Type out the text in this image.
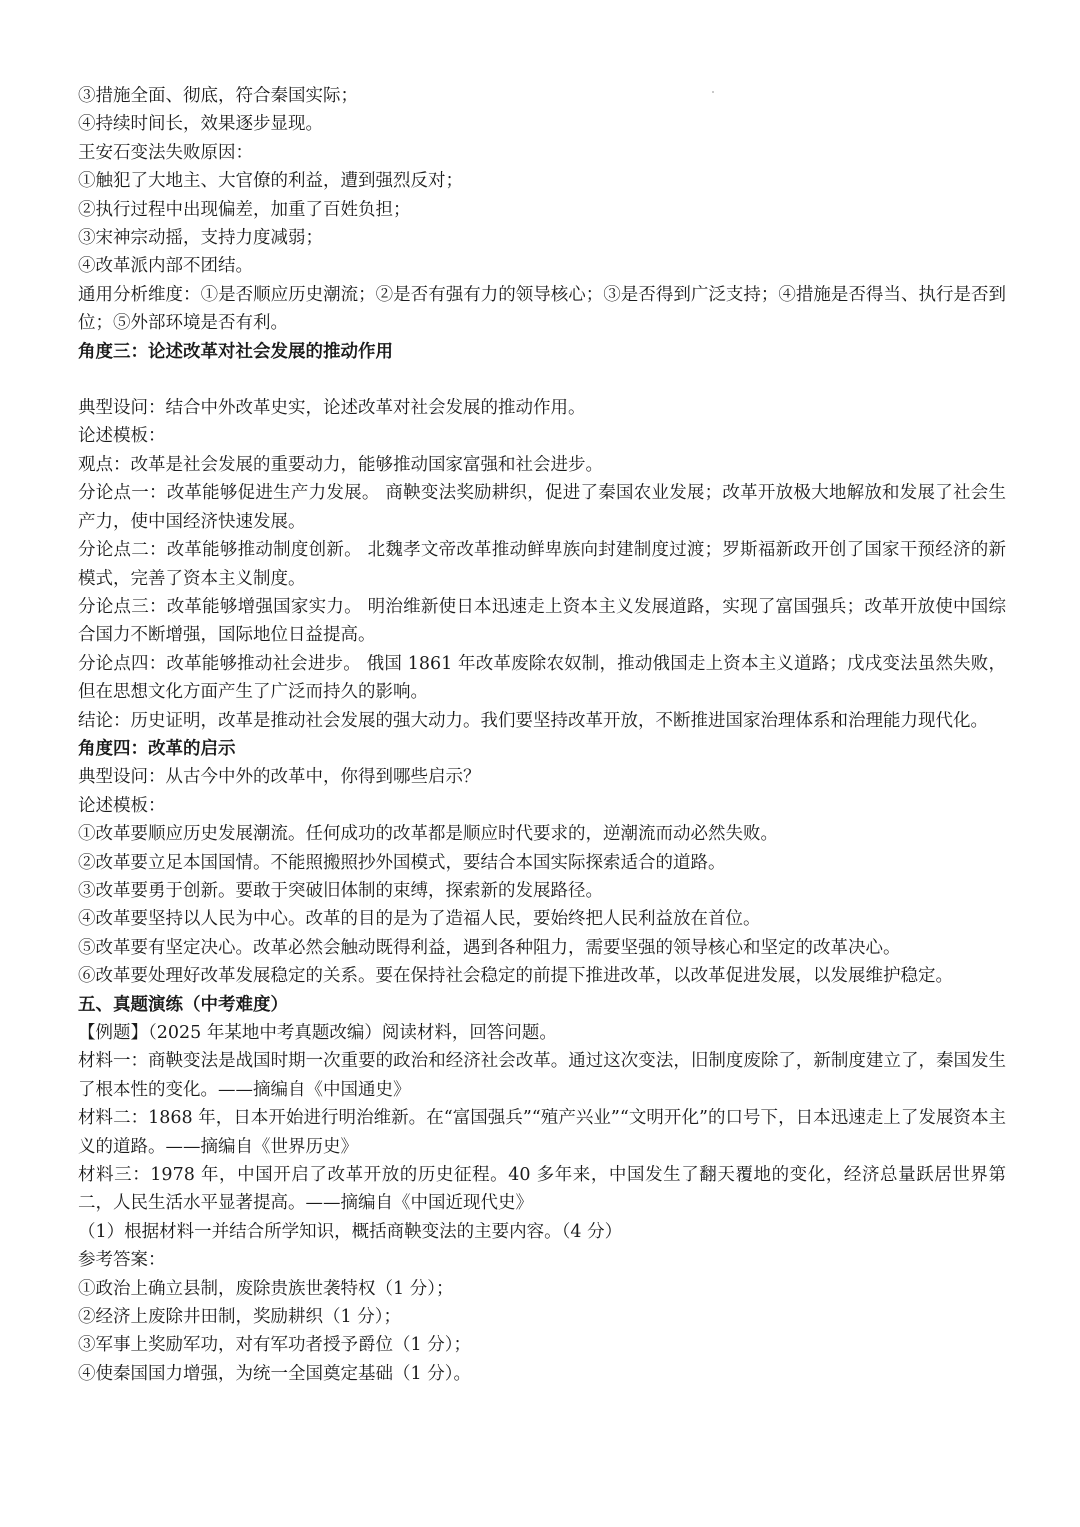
③措施全面、彻底，符合秦国实际；

④持续时间长，效果逐步显现。

王安石变法失败原因：

①触犯了大地主、大官僚的利益，遭到强烈反对；

②执行过程中出现偏差，加重了百姓负担；

③宋神宗动摇，支持力度减弱；

④改革派内部不团结。

通用分析维度：①是否顺应历史潮流；②是否有强有力的领导核心；③是否得到广泛支持；④措施是否得当、执行是否到位；⑤外部环境是否有利。

角度三：论述改革对社会发展的推动作用

典型设问：结合中外改革史实，论述改革对社会发展的推动作用。

论述模板：

观点：改革是社会发展的重要动力，能够推动国家富强和社会进步。

分论点一：改革能够促进生产力发展。 商鞅变法奖励耕织，促进了秦国农业发展；改革开放极大地解放和发展了社会生产力，使中国经济快速发展。

分论点二：改革能够推动制度创新。 北魏孝文帝改革推动鲜卑族向封建制度过渡；罗斯福新政开创了国家干预经济的新模式，完善了资本主义制度。

分论点三：改革能够增强国家实力。 明治维新使日本迅速走上资本主义发展道路，实现了富国强兵；改革开放使中国综合国力不断增强，国际地位日益提高。

分论点四：改革能够推动社会进步。 俄国 1861 年改革废除农奴制，推动俄国走上资本主义道路；戊戌变法虽然失败，但在思想文化方面产生了广泛而持久的影响。

结论：历史证明，改革是推动社会发展的强大动力。我们要坚持改革开放，不断推进国家治理体系和治理能力现代化。

角度四：改革的启示

典型设问：从古今中外的改革中，你得到哪些启示？

论述模板：

①改革要顺应历史发展潮流。任何成功的改革都是顺应时代要求的，逆潮流而动必然失败。

②改革要立足本国国情。不能照搬照抄外国模式，要结合本国实际探索适合的道路。

③改革要勇于创新。要敢于突破旧体制的束缚，探索新的发展路径。

④改革要坚持以人民为中心。改革的目的是为了造福人民，要始终把人民利益放在首位。

⑤改革要有坚定决心。改革必然会触动既得利益，遇到各种阻力，需要坚强的领导核心和坚定的改革决心。

⑥改革要处理好改革发展稳定的关系。要在保持社会稳定的前提下推进改革，以改革促进发展，以发展维护稳定。

五、真题演练（中考难度）

【例题】（2025 年某地中考真题改编）阅读材料，回答问题。

材料一：商鞅变法是战国时期一次重要的政治和经济社会改革。通过这次变法，旧制度废除了，新制度建立了，秦国发生了根本性的变化。——摘编自《中国通史》

材料二：1868 年，日本开始进行明治维新。在“富国强兵”“殖产兴业”“文明开化”的口号下，日本迅速走上了发展资本主义的道路。——摘编自《世界历史》

材料三：1978 年，中国开启了改革开放的历史征程。40 多年来，中国发生了翻天覆地的变化，经济总量跃居世界第二，人民生活水平显著提高。——摘编自《中国近现代史》

（1）根据材料一并结合所学知识，概括商鞅变法的主要内容。（4 分）

参考答案：

①政治上确立县制，废除贵族世袭特权（1 分）；

②经济上废除井田制，奖励耕织（1 分）；

③军事上奖励军功，对有军功者授予爵位（1 分）；

④使秦国国力增强，为统一全国奠定基础（1 分）。
